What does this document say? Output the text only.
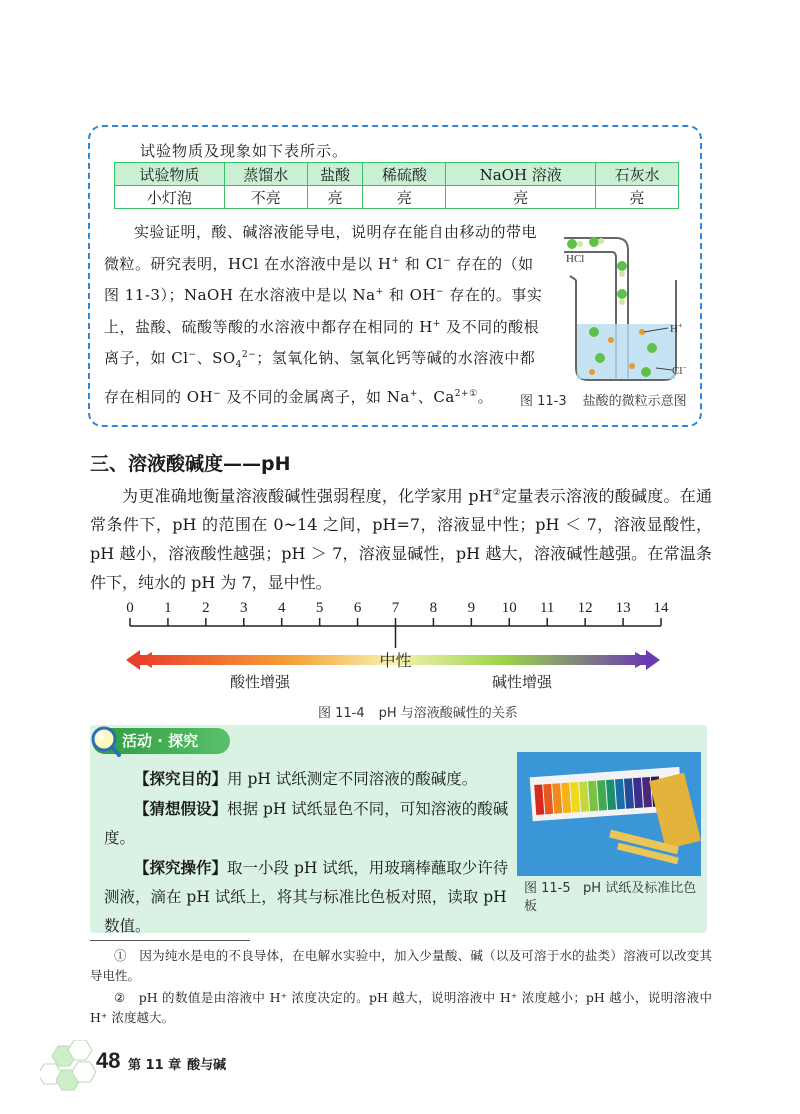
试验物质及现象如下表所示。
试验物质	蒸馏水	盐酸	稀硫酸	NaOH 溶液	石灰水
小灯泡	不亮	亮	亮	亮	亮

实验证明，酸、碱溶液能导电，说明存在能自由移动的带电微粒。研究表明，HCl 在水溶液中是以 H+ 和 Cl− 存在的（如图 11-3）；NaOH 在水溶液中是以 Na+ 和 OH− 存在的。事实上，盐酸、硫酸等酸的水溶液中都存在相同的 H+ 及不同的酸根离子，如 Cl−、$SO_4^{2-}$；氢氧化钠、氢氧化钙等碱的水溶液中都存在相同的 OH− 及不同的金属离子，如 Na+、$Ca^{2+①}$。

HCl
H+
Cl−
图 11-3 盐酸的微粒示意图
三、溶液酸碱度——pH

为更准确地衡量溶液酸碱性强弱程度，化学家用 pH②定量表示溶液的酸碱度。在通常条件下，pH 的范围在 0~14 之间，pH=7，溶液显中性；pH ＜ 7，溶液显酸性，pH 越小，溶液酸性越强；pH ＞ 7，溶液显碱性，pH 越大，溶液碱性越强。在常温条件下，纯水的 pH 为 7，显中性。

0 1 2 3 4 5 6 7 8 9 10 11 12 13 14
中性
酸性增强	碱性增强
图 11-4 pH 与溶液酸碱性的关系
活动 · 探究

【探究目的】用 pH 试纸测定不同溶液的酸碱度。

【猜想假设】根据 pH 试纸显色不同，可知溶液的酸碱度。

【探究操作】取一小段 pH 试纸，用玻璃棒蘸取少许待测液，滴在 pH 试纸上，将其与标准比色板对照，读取 pH 数值。

图 11-5 pH 试纸及标准比色板

① 因为纯水是电的不良导体，在电解水实验中，加入少量酸、碱（以及可溶于水的盐类）溶液可以改变其导电性。

② pH 的数值是由溶液中 H⁺ 浓度决定的。pH 越大，说明溶液中 H⁺ 浓度越小；pH 越小，说明溶液中 H⁺ 浓度越大。

48 第 11 章 酸与碱
